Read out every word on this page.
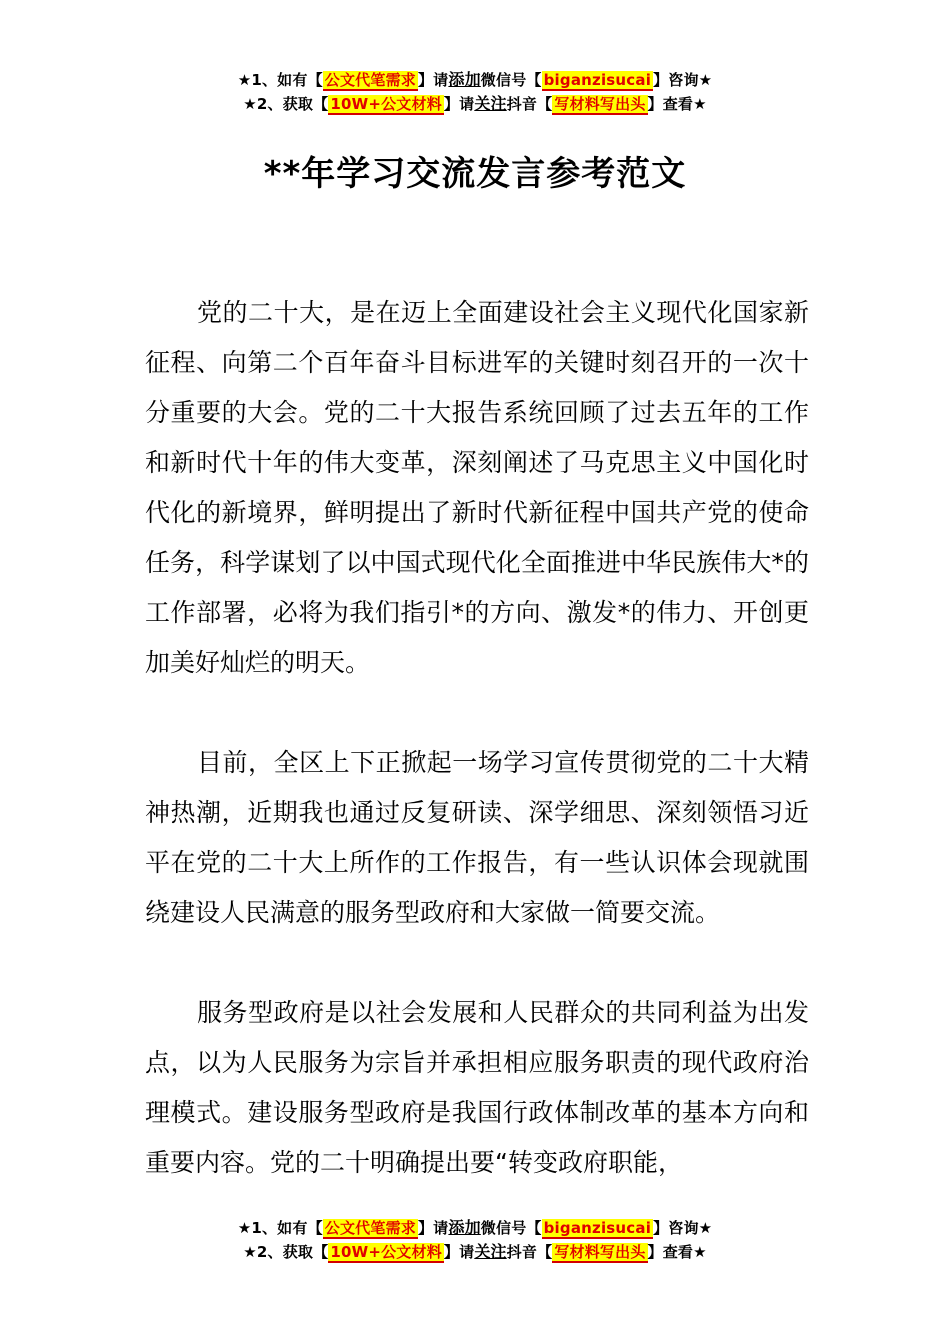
★1、如有【 公文代笔需求 】请添加微信号【 biganzisucai 】咨询★
★2、获取【 10W+公文材料 】请关注抖音【 写材料写出头 】查看★
**年学习交流发言参考范文

党的二十大，是在迈上全面建设社会主义现代化国家新征程、向第二个百年奋斗目标进军的关键时刻召开的一次十分重要的大会。党的二十大报告系统回顾了过去五年的工作和新时代十年的伟大变革，深刻阐述了马克思主义中国化时代化的新境界，鲜明提出了新时代新征程中国共产党的使命任务，科学谋划了以中国式现代化全面推进中华民族伟大*的工作部署，必将为我们指引*的方向、激发*的伟力、开创更加美好灿烂的明天。

目前，全区上下正掀起一场学习宣传贯彻党的二十大精神热潮，近期我也通过反复研读、深学细思、深刻领悟习近平在党的二十大上所作的工作报告，有一些认识体会现就围绕建设人民满意的服务型政府和大家做一简要交流。

服务型政府是以社会发展和人民群众的共同利益为出发点，以为人民服务为宗旨并承担相应服务职责的现代政府治理模式。建设服务型政府是我国行政体制改革的基本方向和重要内容。党的二十明确提出要“转变政府职能，

★1、如有【 公文代笔需求 】请添加微信号【 biganzisucai 】咨询★
★2、获取【 10W+公文材料 】请关注抖音【 写材料写出头 】查看★
